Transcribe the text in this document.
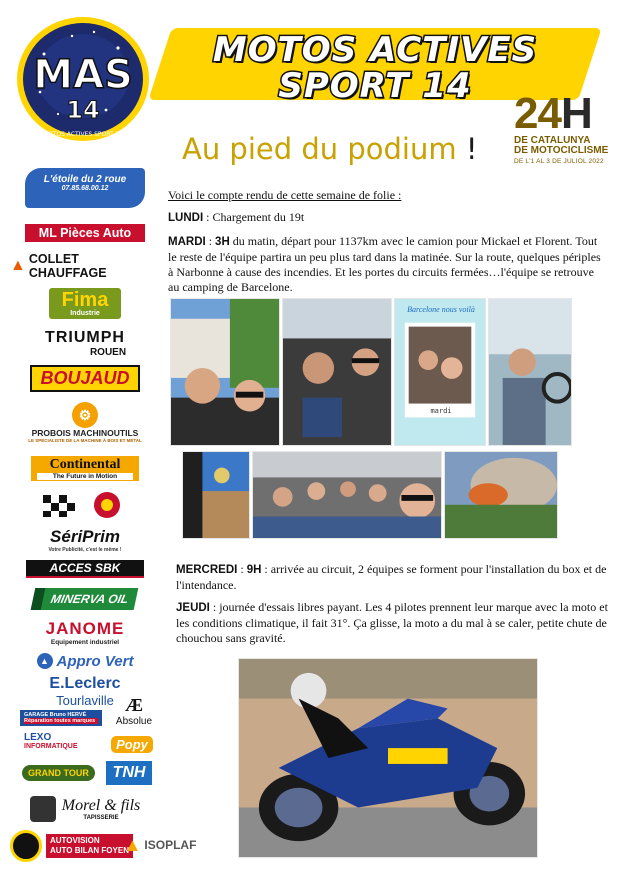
MAS
14
MOTOS ACTIVES SPORT 14
MOTOS ACTIVES
SPORT 14
Au pied du podium !
24H
DE CATALUNYA
DE MOTOCICLISME
DE L'1 AL 3 DE JULIOL 2022
L'étoile du 2 roue
07.85.68.00.12
ML Pièces Auto
▲ COLLET CHAUFFAGE
Fima
Industrie
TRIUMPH
ROUEN
BOUJAUD
⚙
PROBOIS MACHINOUTILS
LE SPÉCIALISTE DE LA MACHINE À BOIS ET MÉTAL
Continental
The Future in Motion
SériPrim
Votre Publicité, c'est le même !
ACCES SBK
MINERVA OIL
JANOME
Equipement industriel
▲ Appro Vert
E.Leclerc
Tourlaville
GARAGE Bruno HERVÉ
Réparation toutes marques
Æ
Absolue
LEXO
INFORMATIQUE	Popy
GRAND TOUR	TNH
Morel & fils
TAPISSERIE
AUTOVISION
AUTO BILAN FOYEN
▲ ISOPLAF
Voici le compte rendu de cette semaine de folie :
LUNDI : Chargement du 19t
MARDI : 3H du matin, départ pour 1137km avec le camion pour Mickael et Florent. Tout le reste de l'équipe partira un peu plus tard dans la matinée. Sur la route, quelques périples à Narbonne à cause des incendies. Et les portes du circuits fermées…l'équipe se retrouve au camping de Barcelone.
Barcelone nous voilà
mardi
MERCREDI : 9H : arrivée au circuit, 2 équipes se forment pour l'installation du box et de l'intendance.
JEUDI : journée d'essais libres payant. Les 4 pilotes prennent leur marque avec la moto et les conditions climatique, il fait 31°. Ça glisse, la moto a du mal à se caler, petite chute de chouchou sans gravité.
